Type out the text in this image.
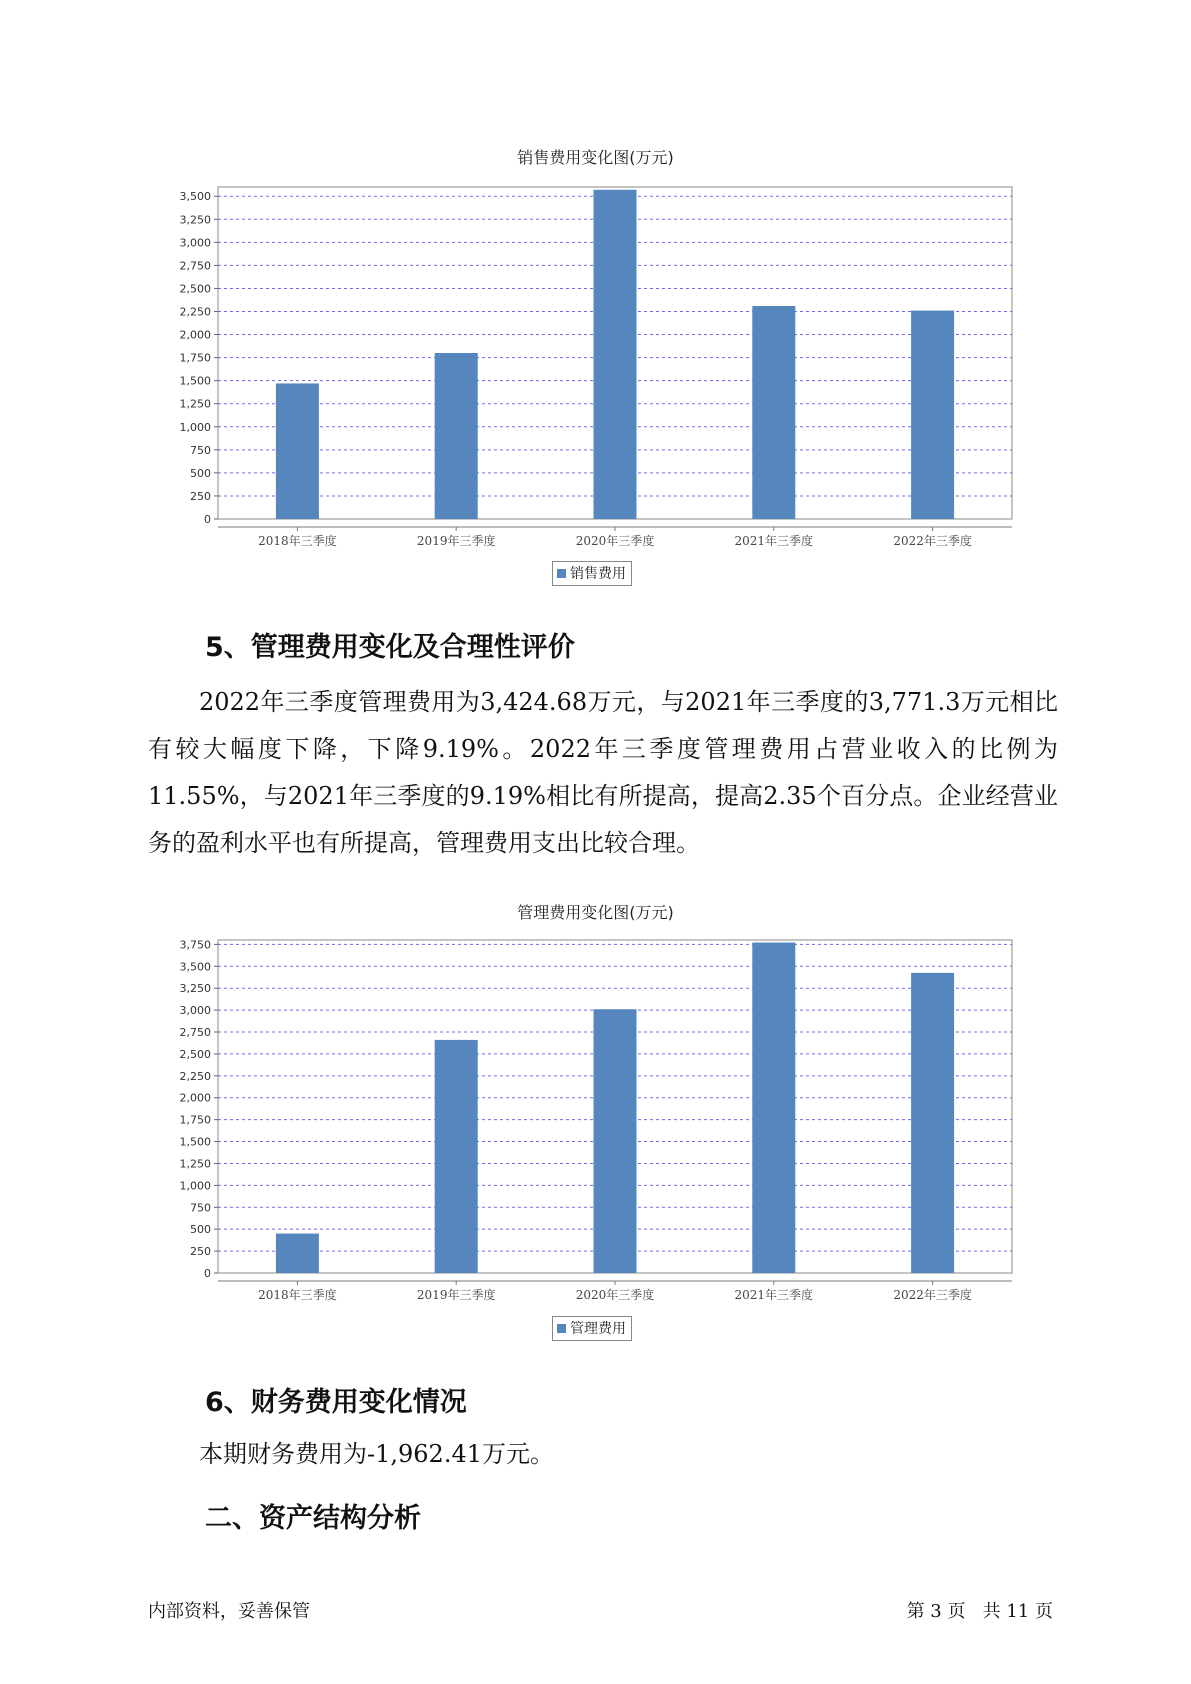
销售费用变化图(万元)
0
250
500
750
1,000
1,250
1,500
1,750
2,000
2,250
2,500
2,750
3,000
3,250
3,500
2018年三季度	2019年三季度	2020年三季度	2021年三季度	2022年三季度
销售费用
5、管理费用变化及合理性评价

2022年三季度管理费用为3,424.68万元，与2021年三季度的3,771.3万元相比有较大幅度下降，下降9.19%。2022年三季度管理费用占营业收入的比例为11.55%，与2021年三季度的9.19%相比有所提高，提高2.35个百分点。企业经营业务的盈利水平也有所提高，管理费用支出比较合理。

管理费用变化图(万元)
0
250
500
750
1,000
1,250
1,500
1,750
2,000
2,250
2,500
2,750
3,000
3,250
3,500
3,750
2018年三季度	2019年三季度	2020年三季度	2021年三季度	2022年三季度
管理费用
6、财务费用变化情况

本期财务费用为-1,962.41万元。

二、资产结构分析
内部资料，妥善保管	第 3 页   共 11 页
